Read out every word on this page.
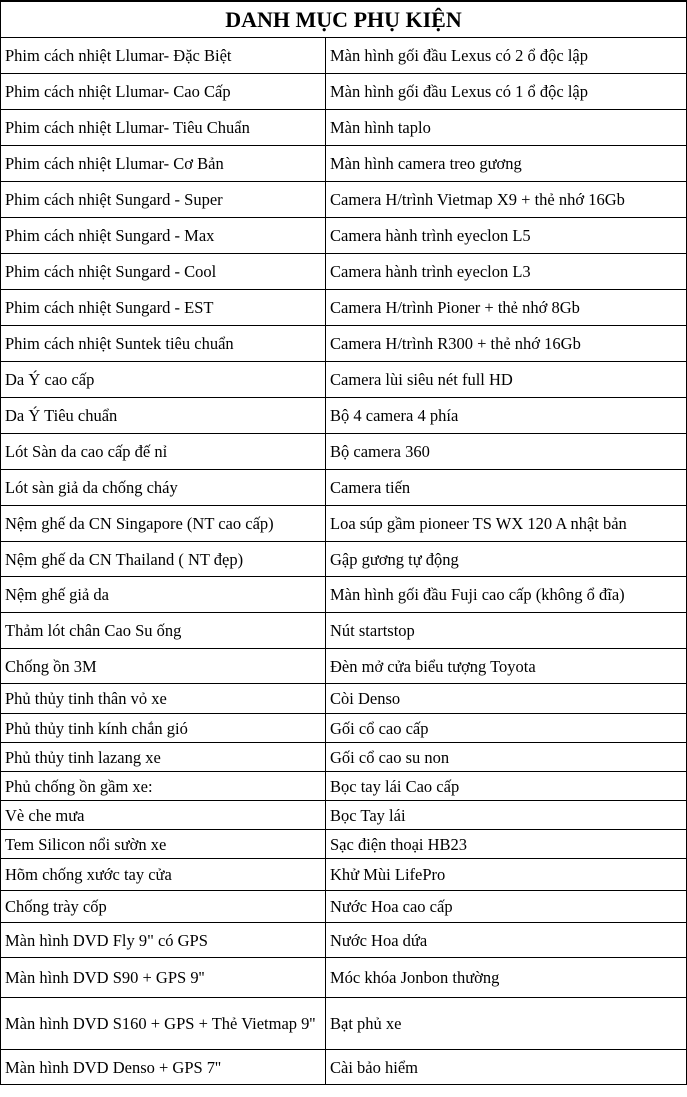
DANH MỤC PHỤ KIỆN	
Phim cách nhiệt Llumar- Đặc Biệt	Màn hình gối đầu Lexus có 2 ổ độc lập
Phim cách nhiệt Llumar- Cao Cấp	Màn hình gối đầu Lexus có 1 ổ độc lập
Phim cách nhiệt Llumar- Tiêu Chuẩn	Màn hình taplo
Phim cách nhiệt Llumar- Cơ Bản	Màn hình camera treo gương
Phim cách nhiệt Sungard - Super	Camera H/trình Vietmap X9 + thẻ nhớ 16Gb
Phim cách nhiệt Sungard - Max	Camera hành trình eyeclon L5
Phim cách nhiệt Sungard - Cool	Camera hành trình eyeclon L3
Phim cách nhiệt Sungard - EST	Camera H/trình Pioner + thẻ nhớ 8Gb
Phim cách nhiệt Suntek tiêu chuẩn	Camera H/trình R300 + thẻ nhớ 16Gb
Da Ý cao cấp	Camera lùi siêu nét full HD
Da Ý Tiêu chuẩn	Bộ 4 camera 4 phía
Lót Sàn da cao cấp đế nỉ	Bộ camera 360
Lót sàn giả da chống cháy	Camera tiến
Nệm ghế da CN Singapore (NT cao cấp)	Loa súp gầm pioneer TS WX 120 A nhật bản
Nệm ghế da CN Thailand ( NT đẹp)	Gập gương tự động
Nệm ghế giả da	Màn hình gối đầu Fuji cao cấp (không ổ đĩa)
Thảm lót chân Cao Su ống	Nút startstop
Chống ồn 3M	Đèn mở cửa biểu tượng Toyota
Phủ thủy tinh thân vỏ xe	Còi Denso
Phủ thủy tinh kính chắn gió	Gối cổ cao cấp
Phủ thủy tinh lazang xe	Gối cổ cao su non
Phủ chống ồn gầm xe:	Bọc tay lái Cao cấp
Vè che mưa	Bọc Tay lái
Tem Silicon nổi sườn xe	Sạc điện thoại HB23
Hõm chống xước tay cửa	Khử Mùi LifePro
Chống trày cốp	Nước Hoa cao cấp
Màn hình DVD Fly 9" có GPS	Nước Hoa dứa
Màn hình DVD S90 + GPS 9''	Móc khóa Jonbon thường
Màn hình DVD S160 + GPS + Thẻ Vietmap 9''	Bạt phủ xe
Màn hình DVD Denso + GPS 7''	Cài bảo hiểm
